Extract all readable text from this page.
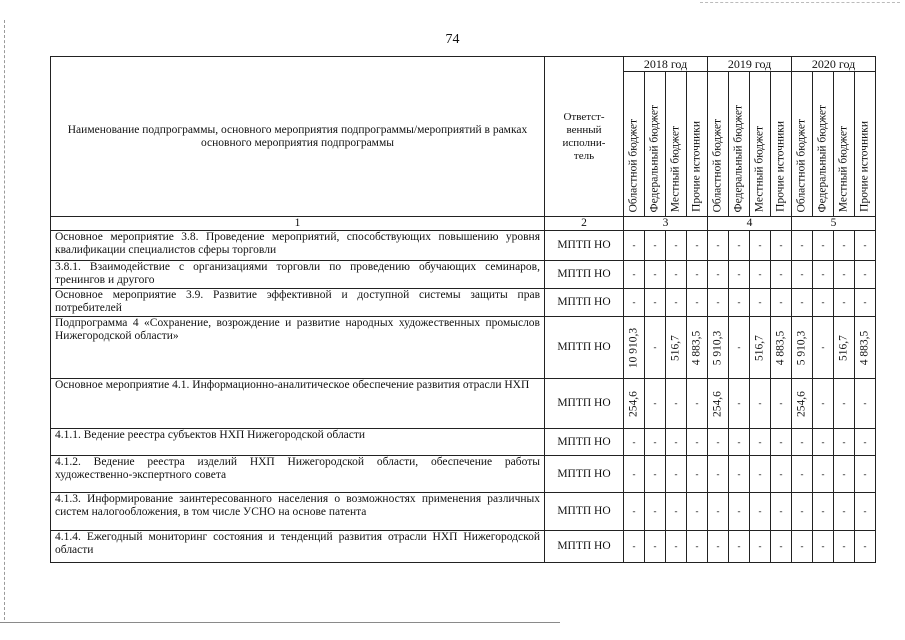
74
Наименование подпрограммы, основного мероприятия подпрограммы/мероприятий в рамках основного мероприятия подпрограммы	Ответст-
венный
исполни-
тель	2018 год				2019 год				2020 год			

		Областной бюджет	Федеральный бюджет	Местный бюджет	Прочие источники	Областной бюджет	Федеральный бюджет	Местный бюджет	Прочие источники	Областной бюджет	Федеральный бюджет	Местный бюджет	Прочие источники

1	2	3				4				5			
Основное мероприятие 3.8. Проведение мероприятий, способствующих повышению уровня квалификации специалистов сферы торговли	МПТП НО	-	-	-	-	-	-	-	-	-	-	-	-
3.8.1. Взаимодействие с организациями торговли по проведению обучающих семинаров, тренингов и другого	МПТП НО	-	-	-	-	-	-	-	-	-	-	-	-
Основное мероприятие 3.9. Развитие эффективной и доступной системы защиты прав потребителей	МПТП НО	-	-	-	-	-	-	-	-	-	-	-	-
Подпрограмма 4 «Сохранение, возрождение и развитие народных художественных промыслов Нижегородской области»	МПТП НО	10 910,3	-	516,7	4 883,5	5 910,3	-	516,7	4 883,5	5 910,3	-	516,7	4 883,5

Основное мероприятие 4.1. Информационно-аналитическое обеспечение развития отрасли НХП	МПТП НО	254,6	-	-	-	254,6	-	-	-	254,6	-	-	-
4.1.1. Ведение реестра субъектов НХП Нижегородской области	МПТП НО	-	-	-	-	-	-	-	-	-	-	-	-
4.1.2. Ведение реестра изделий НХП Нижегородской области, обеспечение работы художественно-экспертного совета	МПТП НО	-	-	-	-	-	-	-	-	-	-	-	-
4.1.3. Информирование заинтересованного населения о возможностях применения различных систем налогообложения, в том числе УСНО на основе патента	МПТП НО	-	-	-	-	-	-	-	-	-	-	-	-
4.1.4. Ежегодный мониторинг состояния и тенденций развития отрасли НХП Нижегородской области	МПТП НО	-	-	-	-	-	-	-	-	-	-	-	-
